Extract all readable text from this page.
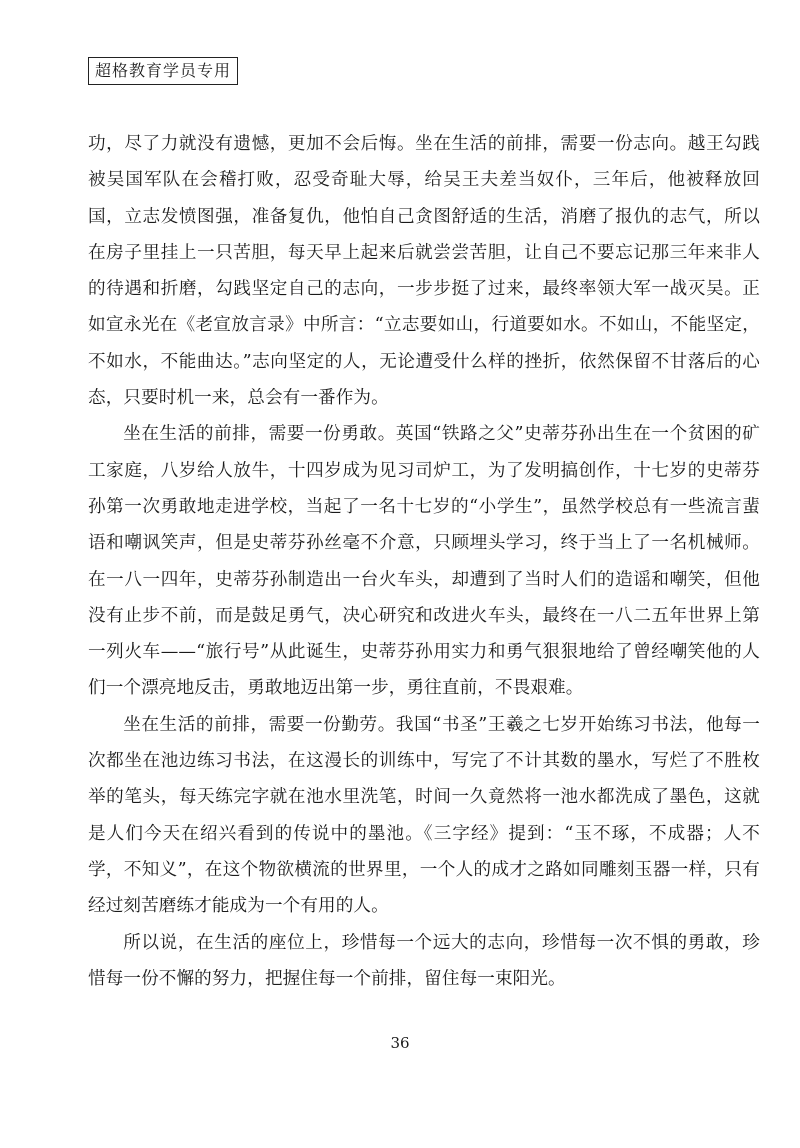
超格教育学员专用

功，尽了力就没有遗憾，更加不会后悔。坐在生活的前排，需要一份志向。越王勾践被吴国军队在会稽打败，忍受奇耻大辱，给吴王夫差当奴仆，三年后，他被释放回国，立志发愤图强，准备复仇，他怕自己贪图舒适的生活，消磨了报仇的志气，所以在房子里挂上一只苦胆，每天早上起来后就尝尝苦胆，让自己不要忘记那三年来非人的待遇和折磨，勾践坚定自己的志向，一步步挺了过来，最终率领大军一战灭吴。正如宣永光在《老宣放言录》中所言：“立志要如山，行道要如水。不如山，不能坚定，不如水，不能曲达。”志向坚定的人，无论遭受什么样的挫折，依然保留不甘落后的心态，只要时机一来，总会有一番作为。

坐在生活的前排，需要一份勇敢。英国“铁路之父”史蒂芬孙出生在一个贫困的矿工家庭，八岁给人放牛，十四岁成为见习司炉工，为了发明搞创作，十七岁的史蒂芬孙第一次勇敢地走进学校，当起了一名十七岁的“小学生”，虽然学校总有一些流言蜚语和嘲讽笑声，但是史蒂芬孙丝毫不介意，只顾埋头学习，终于当上了一名机械师。在一八一四年，史蒂芬孙制造出一台火车头，却遭到了当时人们的造谣和嘲笑，但他没有止步不前，而是鼓足勇气，决心研究和改进火车头，最终在一八二五年世界上第一列火车——“旅行号”从此诞生，史蒂芬孙用实力和勇气狠狠地给了曾经嘲笑他的人们一个漂亮地反击，勇敢地迈出第一步，勇往直前，不畏艰难。

坐在生活的前排，需要一份勤劳。我国“书圣”王羲之七岁开始练习书法，他每一次都坐在池边练习书法，在这漫长的训练中，写完了不计其数的墨水，写烂了不胜枚举的笔头，每天练完字就在池水里洗笔，时间一久竟然将一池水都洗成了墨色，这就是人们今天在绍兴看到的传说中的墨池。《三字经》提到：“玉不琢，不成器；人不学，不知义”，在这个物欲横流的世界里，一个人的成才之路如同雕刻玉器一样，只有经过刻苦磨练才能成为一个有用的人。

所以说，在生活的座位上，珍惜每一个远大的志向，珍惜每一次不惧的勇敢，珍惜每一份不懈的努力，把握住每一个前排，留住每一束阳光。

36
